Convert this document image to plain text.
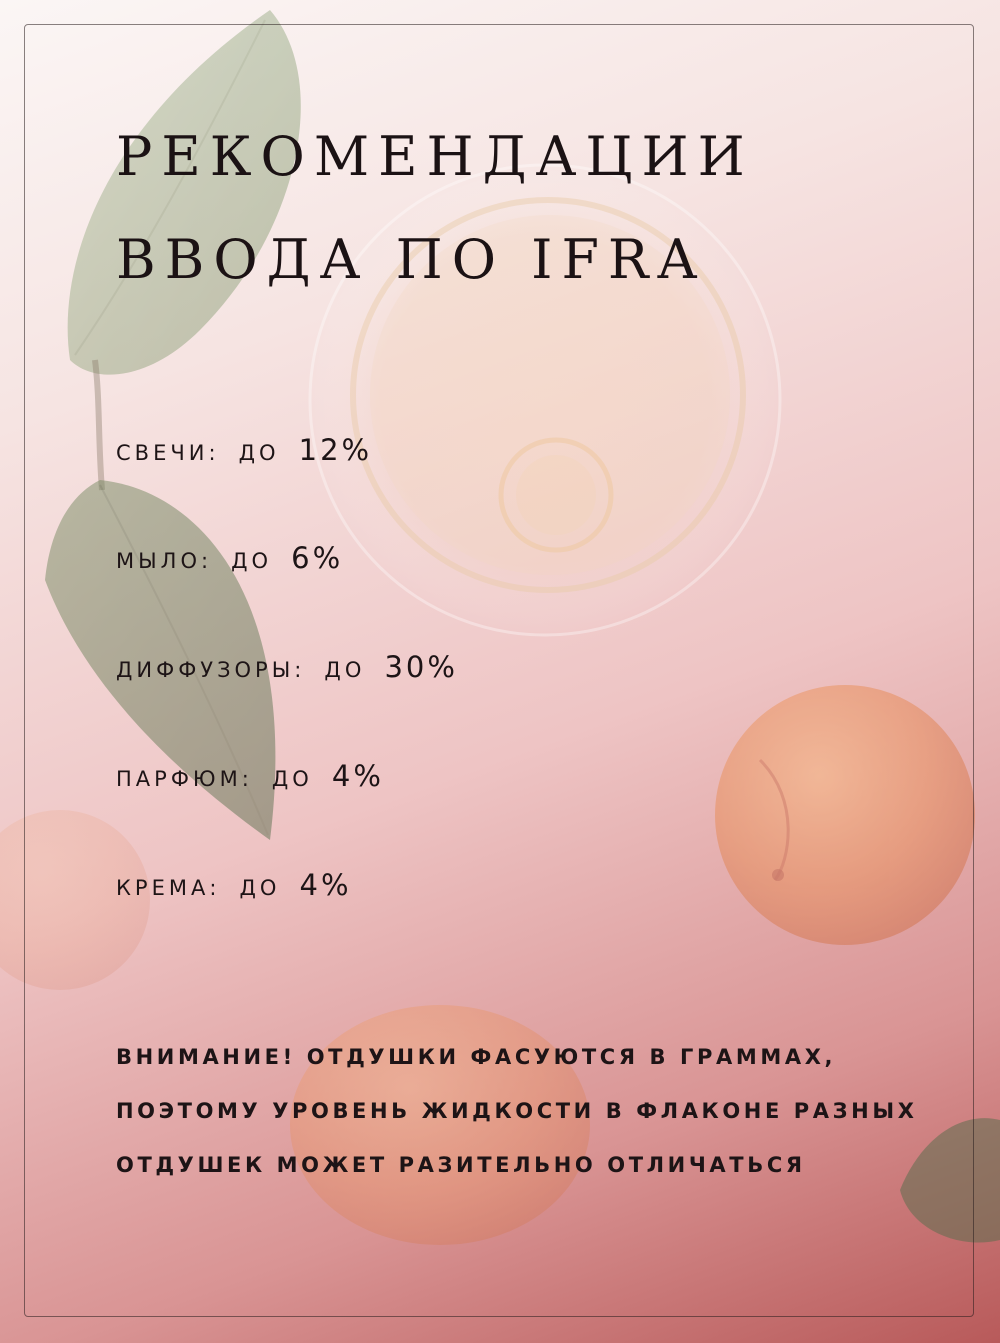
РЕКОМЕНДАЦИИ
ВВОДА ПО IFRA
СВЕЧИ: ДО 12%
МЫЛО: ДО 6%
ДИФФУЗОРЫ: ДО 30%
ПАРФЮМ: ДО 4%
КРЕМА: ДО 4%

ВНИМАНИЕ! ОТДУШКИ ФАСУЮТСЯ В ГРАММАХ,
ПОЭТОМУ УРОВЕНЬ ЖИДКОСТИ В ФЛАКОНЕ РАЗНЫХ
ОТДУШЕК МОЖЕТ РАЗИТЕЛЬНО ОТЛИЧАТЬСЯ
